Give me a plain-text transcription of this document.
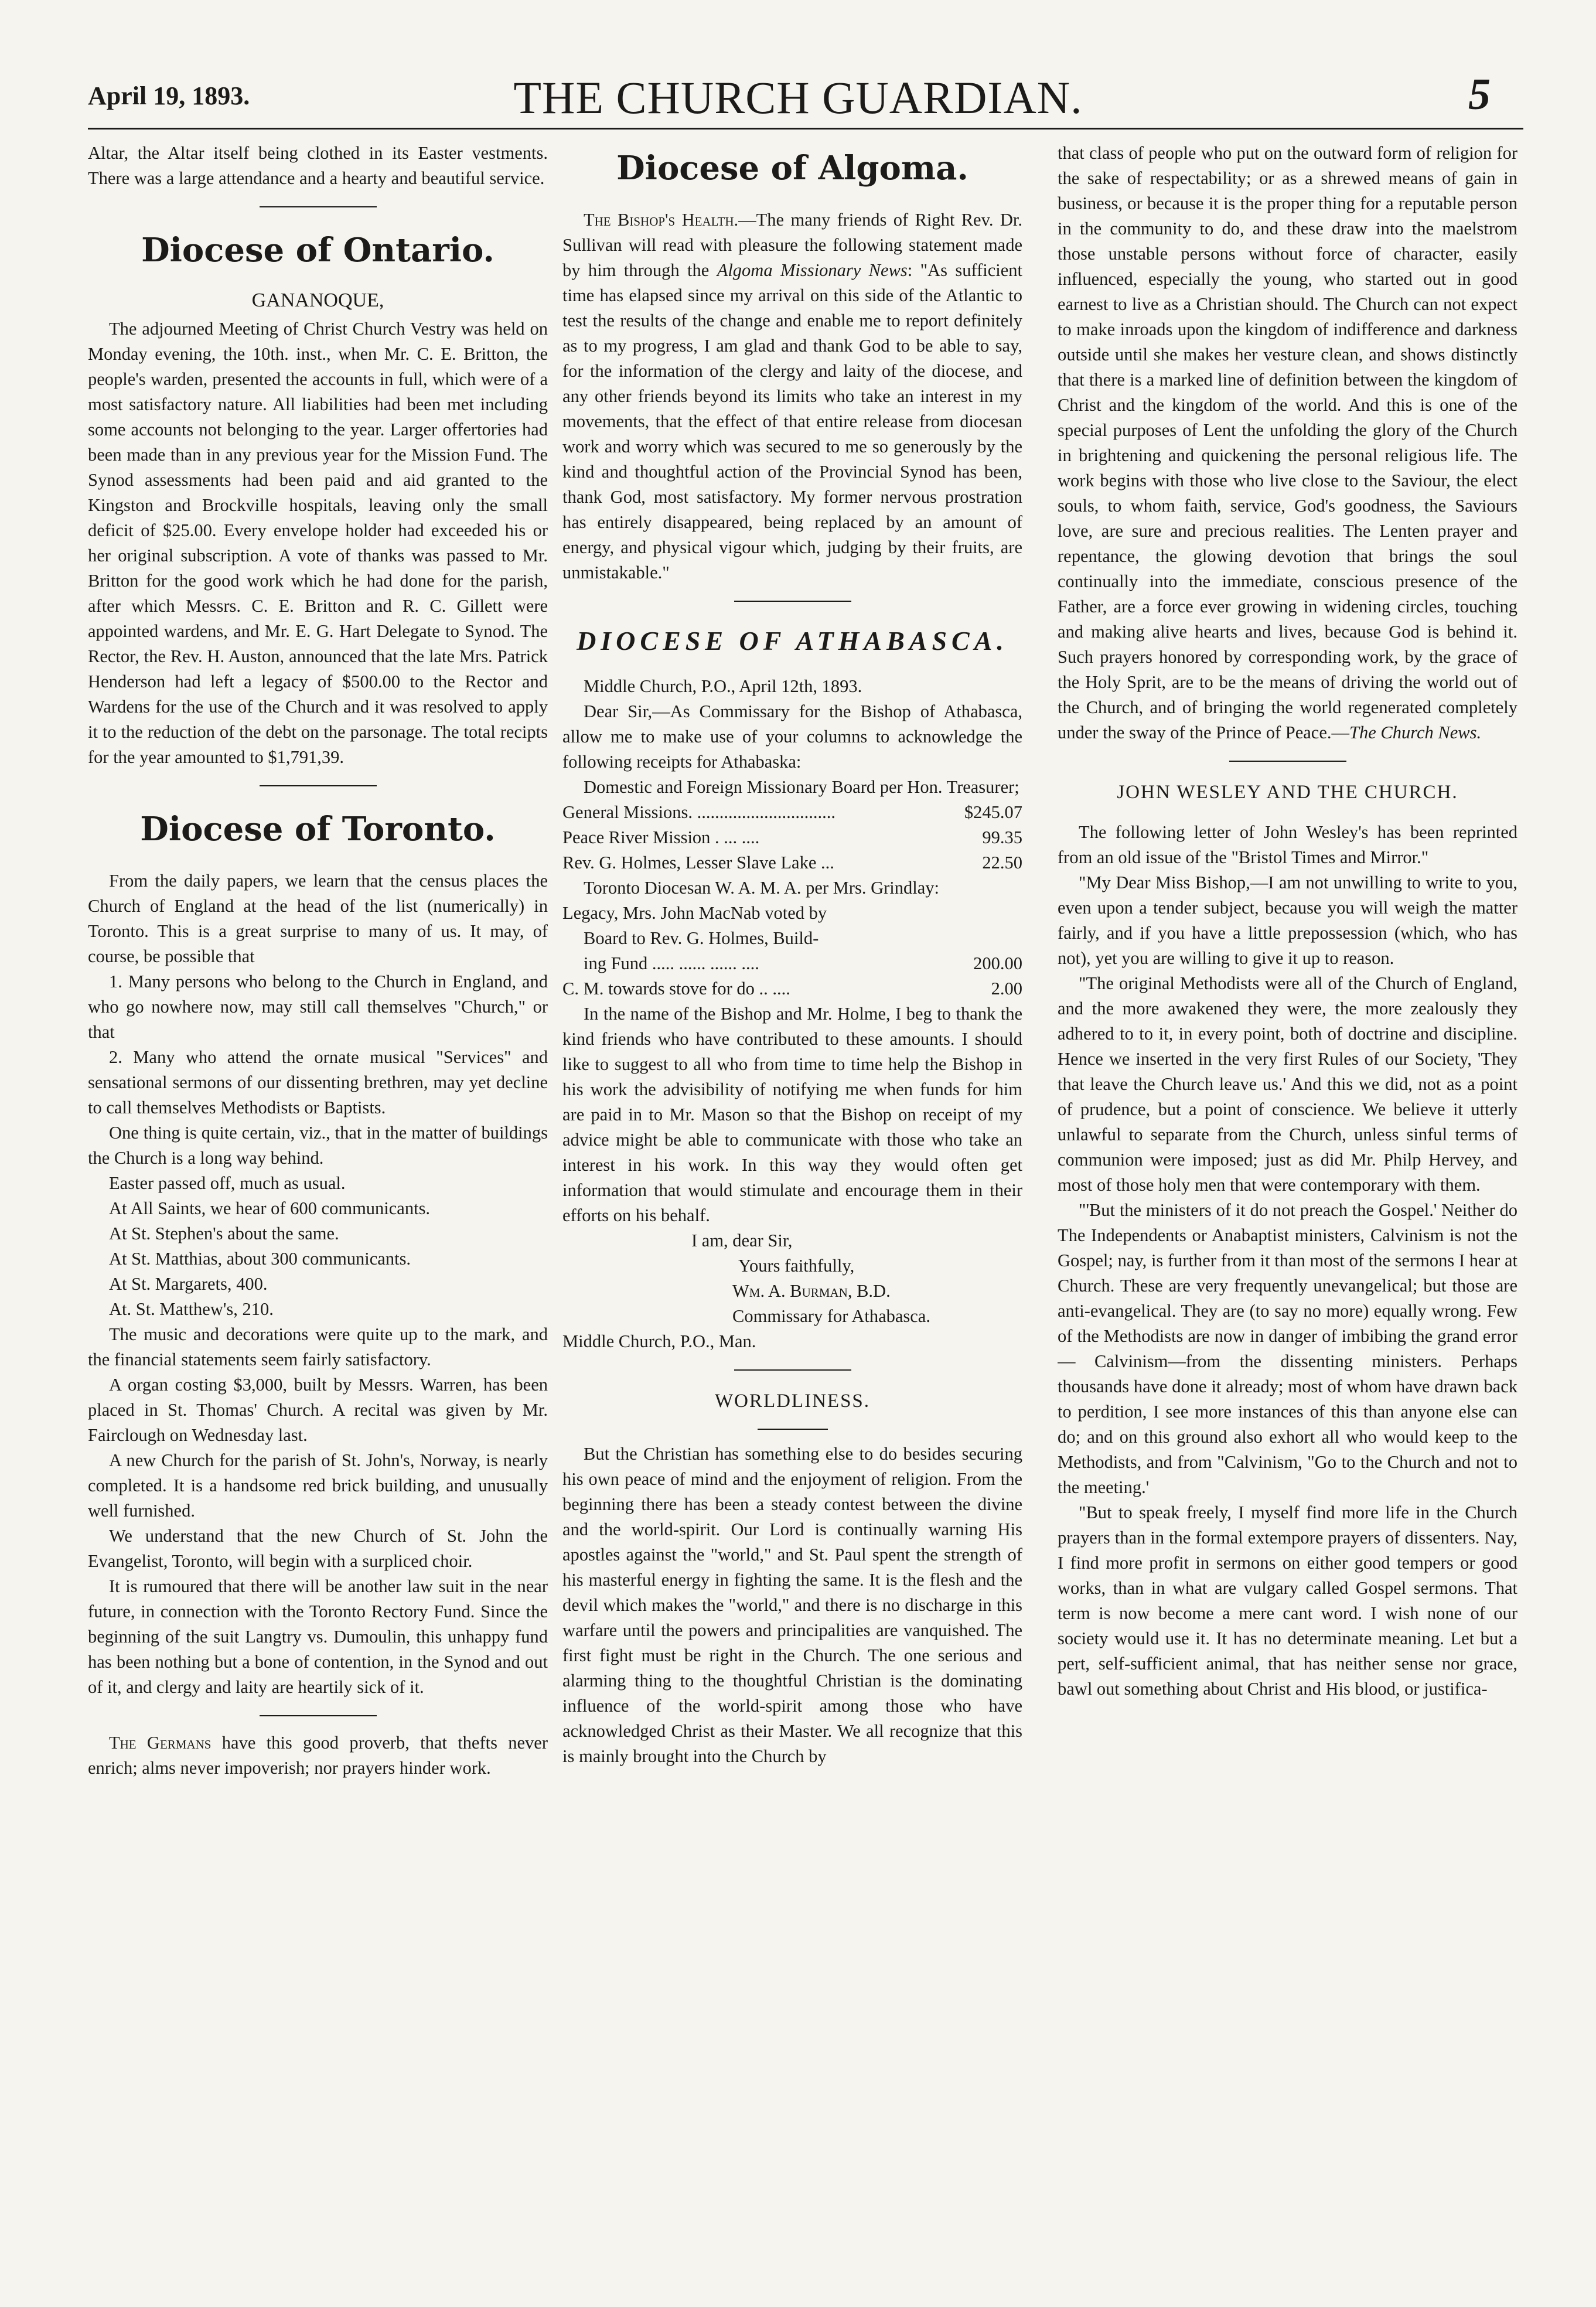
April 19, 1893.	THE CHURCH GUARDIAN.	5

Altar, the Altar itself being clothed in its Easter vestments. There was a large attendance and a hearty and beautiful service.

Diocese of Ontario.
GANANOQUE,

The adjourned Meeting of Christ Church Vestry was held on Monday evening, the 10th. inst., when Mr. C. E. Britton, the people's warden, presented the accounts in full, which were of a most satisfactory nature. All liabilities had been met including some accounts not belonging to the year. Larger offertories had been made than in any previous year for the Mission Fund. The Synod assessments had been paid and aid granted to the Kingston and Brockville hospitals, leaving only the small deficit of $25.00. Every envelope holder had exceeded his or her original subscription. A vote of thanks was passed to Mr. Britton for the good work which he had done for the parish, after which Messrs. C. E. Britton and R. C. Gillett were appointed wardens, and Mr. E. G. Hart Delegate to Synod. The Rector, the Rev. H. Auston, announced that the late Mrs. Patrick Henderson had left a legacy of $500.00 to the Rector and Wardens for the use of the Church and it was resolved to apply it to the reduction of the debt on the parsonage. The total recipts for the year amounted to $1,791,39.

Diocese of Toronto.

From the daily papers, we learn that the census places the Church of England at the head of the list (numerically) in Toronto. This is a great surprise to many of us. It may, of course, be possible that

1. Many persons who belong to the Church in England, and who go nowhere now, may still call themselves "Church," or that

2. Many who attend the ornate musical "Services" and sensational sermons of our dissenting brethren, may yet decline to call themselves Methodists or Baptists.

One thing is quite certain, viz., that in the matter of buildings the Church is a long way behind.

Easter passed off, much as usual.

At All Saints, we hear of 600 communicants.

At St. Stephen's about the same.

At St. Matthias, about 300 communicants.

At St. Margarets, 400.

At. St. Matthew's, 210.

The music and decorations were quite up to the mark, and the financial statements seem fairly satisfactory.

A organ costing $3,000, built by Messrs. Warren, has been placed in St. Thomas' Church. A recital was given by Mr. Fairclough on Wednesday last.

A new Church for the parish of St. John's, Norway, is nearly completed. It is a handsome red brick building, and unusually well furnished.

We understand that the new Church of St. John the Evangelist, Toronto, will begin with a surpliced choir.

It is rumoured that there will be another law suit in the near future, in connection with the Toronto Rectory Fund. Since the beginning of the suit Langtry vs. Dumoulin, this unhappy fund has been nothing but a bone of contention, in the Synod and out of it, and clergy and laity are heartily sick of it.

The Germans have this good proverb, that thefts never enrich; alms never impoverish; nor prayers hinder work.

Diocese of Algoma.

The Bishop's Health.—The many friends of Right Rev. Dr. Sullivan will read with pleasure the following statement made by him through the Algoma Missionary News: "As sufficient time has elapsed since my arrival on this side of the Atlantic to test the results of the change and enable me to report definitely as to my progress, I am glad and thank God to be able to say, for the information of the clergy and laity of the diocese, and any other friends beyond its limits who take an interest in my movements, that the effect of that entire release from diocesan work and worry which was secured to me so generously by the kind and thoughtful action of the Provincial Synod has been, thank God, most satisfactory. My former nervous prostration has entirely disappeared, being replaced by an amount of energy, and physical vigour which, judging by their fruits, are unmistakable."

DIOCESE OF ATHABASCA.

Middle Church, P.O., April 12th, 1893.

Dear Sir,—As Commissary for the Bishop of Athabasca, allow me to make use of your columns to acknowledge the following receipts for Athabaska:

Domestic and Foreign Missionary Board per Hon. Treasurer;

General Missions. ...............................	$245.07
Peace River Mission . ... ....	99.35
Rev. G. Holmes, Lesser Slave Lake ...	22.50

Toronto Diocesan W. A. M. A. per Mrs. Grindlay:

Legacy, Mrs. John MacNab voted by

Board to Rev. G. Holmes, Build-

ing Fund ..... ...... ...... ....	200.00
C. M. towards stove for do .. ....	2.00

In the name of the Bishop and Mr. Holme, I beg to thank the kind friends who have contributed to these amounts. I should like to suggest to all who from time to time help the Bishop in his work the advisibility of notifying me when funds for him are paid in to Mr. Mason so that the Bishop on receipt of my advice might be able to communicate with those who take an interest in his work. In this way they would often get information that would stimulate and encourage them in their efforts on his behalf.

I am, dear Sir,

Yours faithfully,

Wm. A. Burman, B.D.

Commissary for Athabasca.

Middle Church, P.O., Man.

WORLDLINESS.

But the Christian has something else to do besides securing his own peace of mind and the enjoyment of religion. From the beginning there has been a steady contest between the divine and the world-spirit. Our Lord is continually warning His apostles against the "world," and St. Paul spent the strength of his masterful energy in fighting the same. It is the flesh and the devil which makes the "world," and there is no discharge in this warfare until the powers and principalities are vanquished. The first fight must be right in the Church. The one serious and alarming thing to the thoughtful Christian is the dominating influence of the world-spirit among those who have acknowledged Christ as their Master. We all recognize that this is mainly brought into the Church by

that class of people who put on the outward form of religion for the sake of respectability; or as a shrewed means of gain in business, or because it is the proper thing for a reputable person in the community to do, and these draw into the maelstrom those unstable persons without force of character, easily influenced, especially the young, who started out in good earnest to live as a Christian should. The Church can not expect to make inroads upon the kingdom of indifference and darkness outside until she makes her vesture clean, and shows distinctly that there is a marked line of definition between the kingdom of Christ and the kingdom of the world. And this is one of the special purposes of Lent the unfolding the glory of the Church in brightening and quickening the personal religious life. The work begins with those who live close to the Saviour, the elect souls, to whom faith, service, God's goodness, the Saviours love, are sure and precious realities. The Lenten prayer and repentance, the glowing devotion that brings the soul continually into the immediate, conscious presence of the Father, are a force ever growing in widening circles, touching and making alive hearts and lives, because God is behind it. Such prayers honored by corresponding work, by the grace of the Holy Sprit, are to be the means of driving the world out of the Church, and of bringing the world regenerated completely under the sway of the Prince of Peace.—The Church News.

JOHN WESLEY AND THE CHURCH.

The following letter of John Wesley's has been reprinted from an old issue of the "Bristol Times and Mirror."

"My Dear Miss Bishop,—I am not unwilling to write to you, even upon a tender subject, because you will weigh the matter fairly, and if you have a little prepossession (which, who has not), yet you are willing to give it up to reason.

"The original Methodists were all of the Church of England, and the more awakened they were, the more zealously they adhered to to it, in every point, both of doctrine and discipline. Hence we inserted in the very first Rules of our Society, 'They that leave the Church leave us.' And this we did, not as a point of prudence, but a point of conscience. We believe it utterly unlawful to separate from the Church, unless sinful terms of communion were imposed; just as did Mr. Philp Hervey, and most of those holy men that were contemporary with them.

"'But the ministers of it do not preach the Gospel.' Neither do The Independents or Anabaptist ministers, Calvinism is not the Gospel; nay, is further from it than most of the sermons I hear at Church. These are very frequently unevangelical; but those are anti-evangelical. They are (to say no more) equally wrong. Few of the Methodists are now in danger of imbibing the grand error— Calvinism—from the dissenting ministers. Perhaps thousands have done it already; most of whom have drawn back to perdition, I see more instances of this than anyone else can do; and on this ground also exhort all who would keep to the Methodists, and from "Calvinism, "Go to the Church and not to the meeting.'

"But to speak freely, I myself find more life in the Church prayers than in the formal extempore prayers of dissenters. Nay, I find more profit in sermons on either good tempers or good works, than in what are vulgary called Gospel sermons. That term is now become a mere cant word. I wish none of our society would use it. It has no determinate meaning. Let but a pert, self-sufficient animal, that has neither sense nor grace, bawl out something about Christ and His blood, or justifica-
